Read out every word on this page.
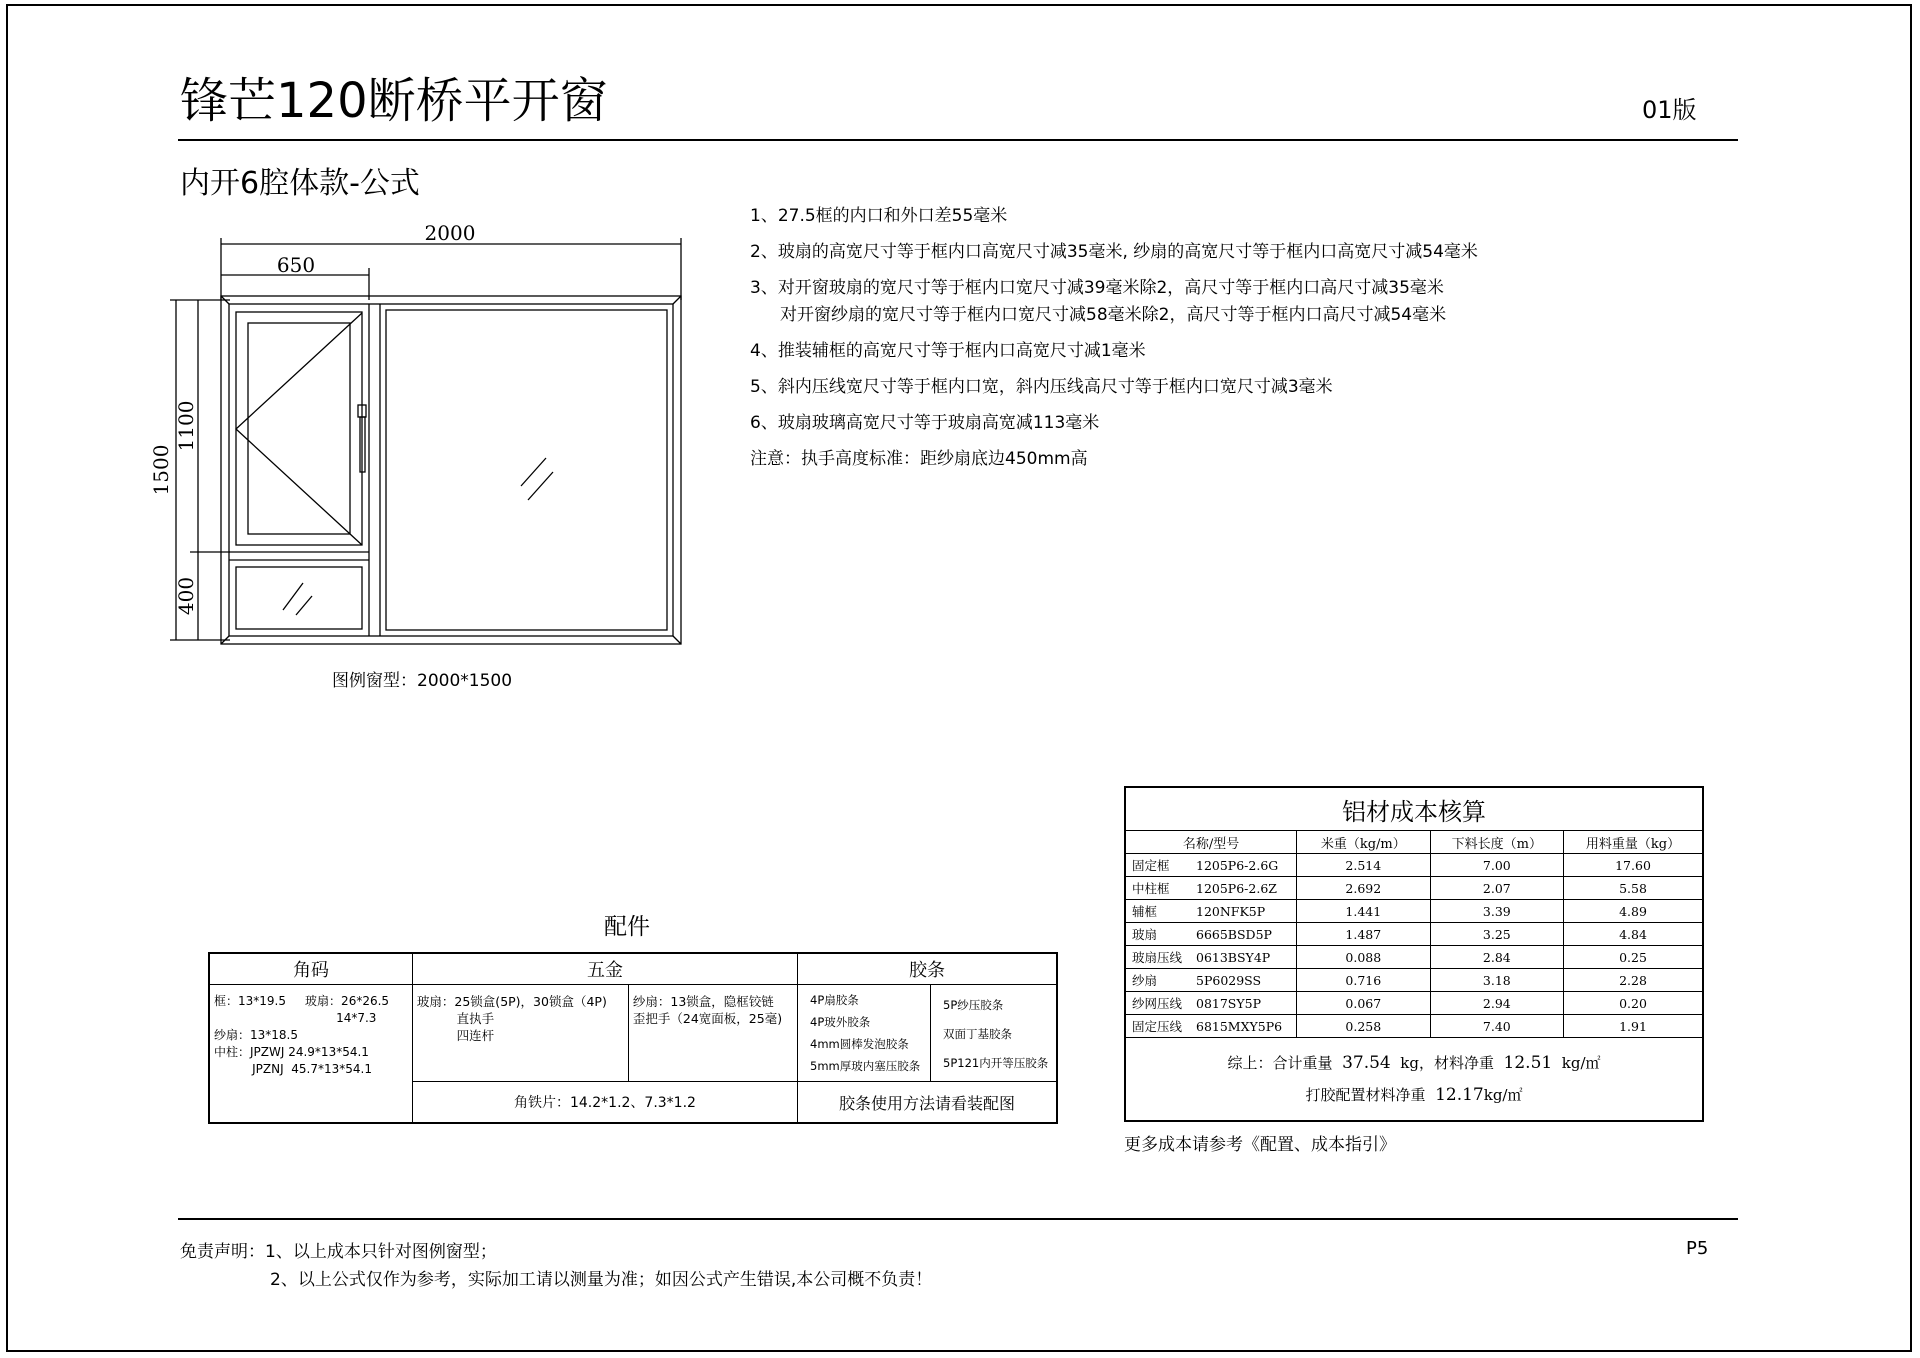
锋芒120断桥平开窗	01版
内开6腔体款-公式
2000
650
1500
1100
400
图例窗型：2000*1500
1、27.5框的内口和外口差55毫米
2、玻扇的高宽尺寸等于框内口高宽尺寸减35毫米, 纱扇的高宽尺寸等于框内口高宽尺寸减54毫米
3、对开窗玻扇的宽尺寸等于框内口宽尺寸减39毫米除2，高尺寸等于框内口高尺寸减35毫米
对开窗纱扇的宽尺寸等于框内口宽尺寸减58毫米除2，高尺寸等于框内口高尺寸减54毫米
4、推装辅框的高宽尺寸等于框内口高宽尺寸减1毫米
5、斜内压线宽尺寸等于框内口宽，斜内压线高尺寸等于框内口宽尺寸减3毫米
6、玻扇玻璃高宽尺寸等于玻扇高宽减113毫米
注意：执手高度标准：距纱扇底边450mm高
配件
角码	五金	胶条

框：13*19.5     玻扇：26*26.5
14*7.3
纱扇：13*18.5
中柱：JPZWJ 24.9*13*54.1
JPZNJ  45.7*13*54.1

玻扇：25锁盒(5P)，30锁盒（4P)
直执手
四连杆

纱扇：13锁盒，隐框铰链
歪把手（24宽面板，25毫)

4P扇胶条
4P玻外胶条
4mm圆棒发泡胶条
5mm厚玻内塞压胶条

5P纱压胶条
双面丁基胶条
5P121内开等压胶条

角铁片：14.2*1.2、7.3*1.2	胶条使用方法请看装配图
铝材成本核算			
名称/型号	米重（kg/m）	下料长度（m）	用料重量（kg）
固定框 1205P6-2.6G	2.514	7.00	17.60
中柱框 1205P6-2.6Z	2.692	2.07	5.58
辅框 120NFK5P	1.441	3.39	4.89
玻扇 6665BSD5P	1.487	3.25	4.84
玻扇压线 0613BSY4P	0.088	2.84	0.25
纱扇 5P6029SS	0.716	3.18	2.28
纱网压线 0817SY5P	0.067	2.94	0.20
固定压线 6815MXY5P6	0.258	7.40	1.91

综上：合计重量 37.54 kg，材料净重 12.51 kg/㎡
打胶配置材料净重 12.17kg/㎡			
更多成本请参考《配置、成本指引》
免责声明：1、以上成本只针对图例窗型；
2、以上公式仅作为参考，实际加工请以测量为准；如因公式产生错误,本公司概不负责！
P5
